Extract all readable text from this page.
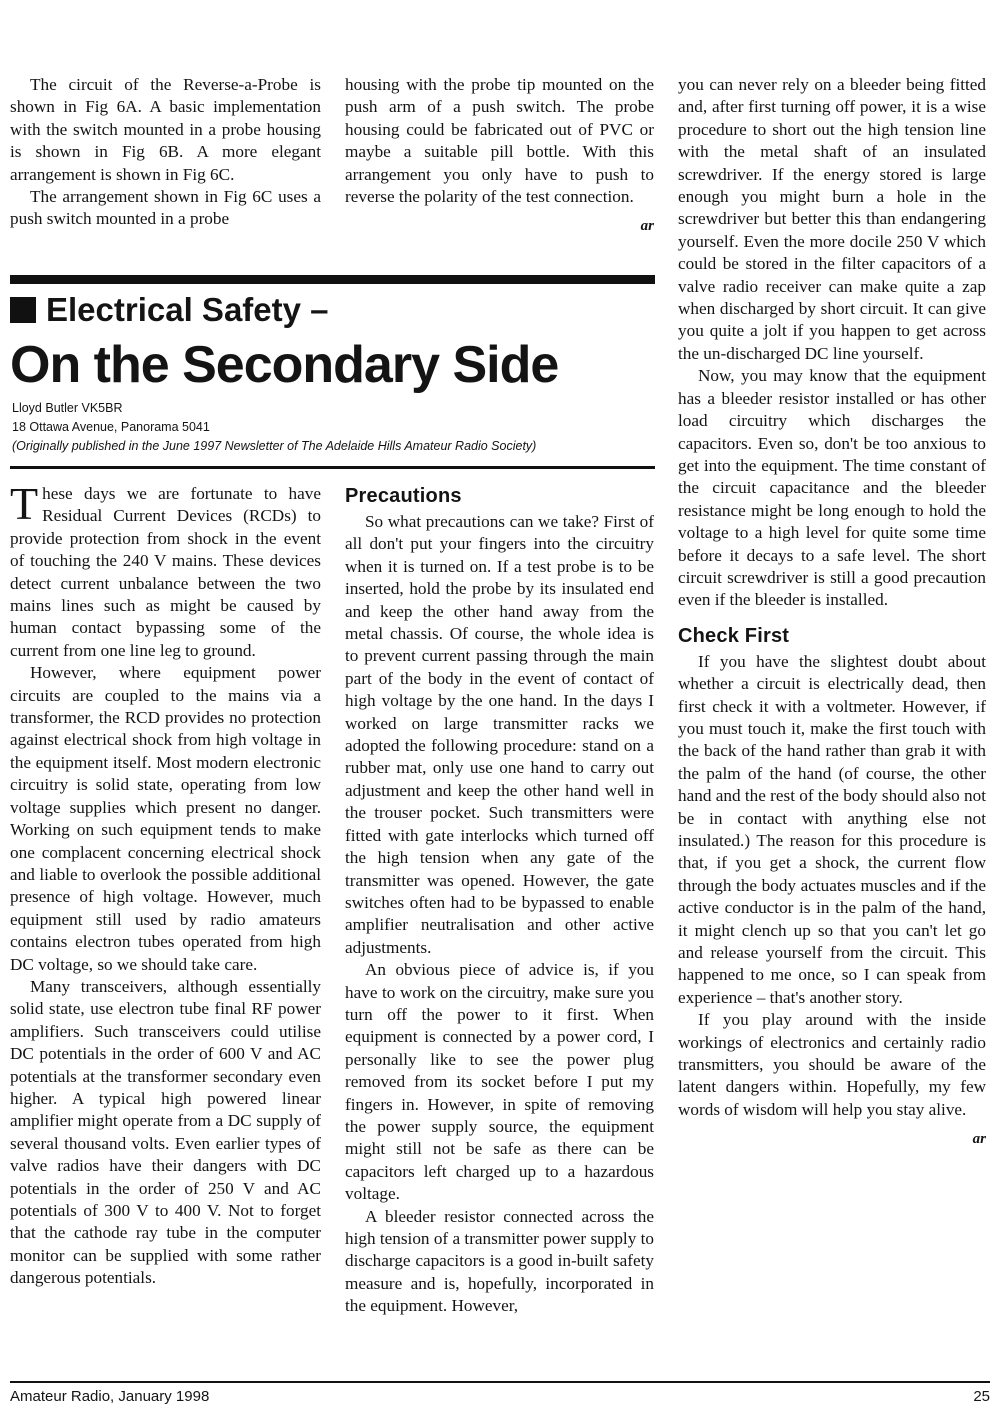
The circuit of the Reverse-a-Probe is shown in Fig 6A. A basic implementation with the switch mounted in a probe housing is shown in Fig 6B. A more elegant arrangement is shown in Fig 6C.

The arrangement shown in Fig 6C uses a push switch mounted in a probe

housing with the probe tip mounted on the push arm of a push switch. The probe housing could be fabricated out of PVC or maybe a suitable pill bottle. With this arrangement you only have to push to reverse the polarity of the test connection.

ar
Electrical Safety –
On the Secondary Side
Lloyd Butler VK5BR
18 Ottawa Avenue, Panorama 5041
(Originally published in the June 1997 Newsletter of The Adelaide Hills Amateur Radio Society)

These days we are fortunate to have Residual Current Devices (RCDs) to provide protection from shock in the event of touching the 240 V mains. These devices detect current unbalance between the two mains lines such as might be caused by human contact bypassing some of the current from one line leg to ground.

However, where equipment power circuits are coupled to the mains via a transformer, the RCD provides no protection against electrical shock from high voltage in the equipment itself. Most modern electronic circuitry is solid state, operating from low voltage supplies which present no danger. Working on such equipment tends to make one complacent concerning electrical shock and liable to overlook the possible additional presence of high voltage. However, much equipment still used by radio amateurs contains electron tubes operated from high DC voltage, so we should take care.

Many transceivers, although essentially solid state, use electron tube final RF power amplifiers. Such transceivers could utilise DC potentials in the order of 600 V and AC potentials at the transformer secondary even higher. A typical high powered linear amplifier might operate from a DC supply of several thousand volts. Even earlier types of valve radios have their dangers with DC potentials in the order of 250 V and AC potentials of 300 V to 400 V. Not to forget that the cathode ray tube in the computer monitor can be supplied with some rather dangerous potentials.

Precautions

So what precautions can we take? First of all don't put your fingers into the circuitry when it is turned on. If a test probe is to be inserted, hold the probe by its insulated end and keep the other hand away from the metal chassis. Of course, the whole idea is to prevent current passing through the main part of the body in the event of contact of high voltage by the one hand. In the days I worked on large transmitter racks we adopted the following procedure: stand on a rubber mat, only use one hand to carry out adjustment and keep the other hand well in the trouser pocket. Such transmitters were fitted with gate interlocks which turned off the high tension when any gate of the transmitter was opened. However, the gate switches often had to be bypassed to enable amplifier neutralisation and other active adjustments.

An obvious piece of advice is, if you have to work on the circuitry, make sure you turn off the power to it first. When equipment is connected by a power cord, I personally like to see the power plug removed from its socket before I put my fingers in. However, in spite of removing the power supply source, the equipment might still not be safe as there can be capacitors left charged up to a hazardous voltage.

A bleeder resistor connected across the high tension of a transmitter power supply to discharge capacitors is a good in-built safety measure and is, hopefully, incorporated in the equipment. However,

you can never rely on a bleeder being fitted and, after first turning off power, it is a wise procedure to short out the high tension line with the metal shaft of an insulated screwdriver. If the energy stored is large enough you might burn a hole in the screwdriver but better this than endangering yourself. Even the more docile 250 V which could be stored in the filter capacitors of a valve radio receiver can make quite a zap when discharged by short circuit. It can give you quite a jolt if you happen to get across the un-discharged DC line yourself.

Now, you may know that the equipment has a bleeder resistor installed or has other load circuitry which discharges the capacitors. Even so, don't be too anxious to get into the equipment. The time constant of the circuit capacitance and the bleeder resistance might be long enough to hold the voltage to a high level for quite some time before it decays to a safe level. The short circuit screwdriver is still a good precaution even if the bleeder is installed.

Check First

If you have the slightest doubt about whether a circuit is electrically dead, then first check it with a voltmeter. However, if you must touch it, make the first touch with the back of the hand rather than grab it with the palm of the hand (of course, the other hand and the rest of the body should also not be in contact with anything else not insulated.) The reason for this procedure is that, if you get a shock, the current flow through the body actuates muscles and if the active conductor is in the palm of the hand, it might clench up so that you can't let go and release yourself from the circuit. This happened to me once, so I can speak from experience – that's another story.

If you play around with the inside workings of electronics and certainly radio transmitters, you should be aware of the latent dangers within. Hopefully, my few words of wisdom will help you stay alive.

ar
Amateur Radio, January 1998	25
